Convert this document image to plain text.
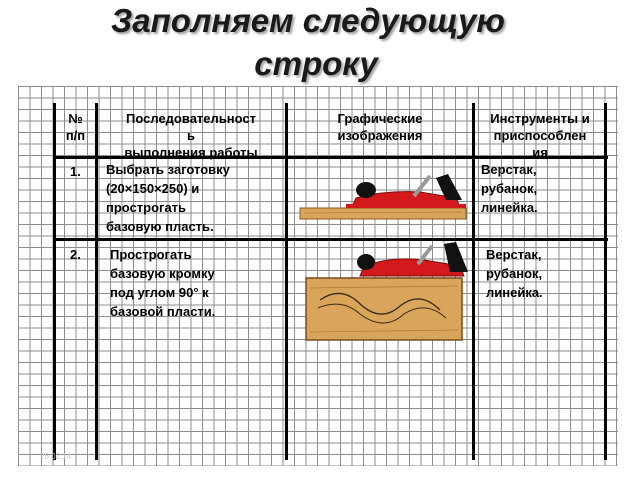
Заполняем следующую
строку
№
п/п
Последовательност
ь
выполнения работы
Графические
изображения
Инструменты и
приспособлен
ия
1. Выбрать заготовку
(20×150×250) и
прострогать
базовую пласть.
Верстак,
рубанок,
линейка.
2. Прострогать
базовую кромку
под углом 90° к
базовой пласти.
Верстак,
рубанок,
линейка.
26.02.14
